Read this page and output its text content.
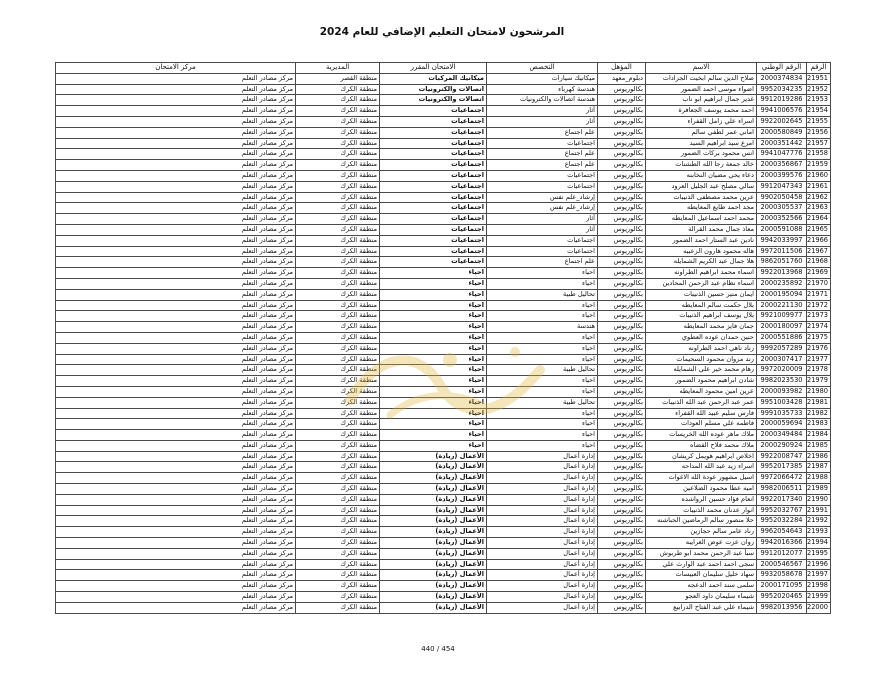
المرشحون لامتحان التعليم الإضافي للعام 2024
الرقم	الرقم الوطني	الاسم	المؤهل	التخصص	الامتحان المقرر	المديرية	مركز الامتحان
21951	2000374834	صلاح الدين سالم ابخيت الجرادات	دبلوم_معهد	ميكانيك سيارات	ميكانيك المركبات	منطقة القصر	مركز مصادر التعلم
21952	9952034235	اضواء موسى احمد الضمور	بكالوريوس	هندسة كهرباء	اتصالات والكترونيات	منطقة الكرك	مركز مصادر التعلم
21953	9912019286	غدير جمال ابراهيم ابو ناب	بكالوريوس	هندسة اتصالات والكترونيات	اتصالات والكترونيات	منطقة الكرك	مركز مصادر التعلم
21954	9941006576	احمد محمد يوسف الجعافرة	بكالوريوس	آثار	اجتماعيات	منطقة الكرك	مركز مصادر التعلم
21955	9922002645	اسراء علي زامل القفراء	بكالوريوس	آثار	اجتماعيات	منطقة الكرك	مركز مصادر التعلم
21956	2000580849	اماني عمر لطفي سالم	بكالوريوس	علم اجتماع	اجتماعيات	منطقة الكرك	مركز مصادر التعلم
21957	2000351442	امرع سيد ابراهيم السيد	بكالوريوس	اجتماعيات	اجتماعيات	منطقة الكرك	مركز مصادر التعلم
21958	9941047776	انس محمود بركات الضمور	بكالوريوس	علم اجتماع	اجتماعيات	منطقة الكرك	مركز مصادر التعلم
21959	2000356867	خالد جمعة رجا الله الطشنات	بكالوريوس	علم اجتماع	اجتماعيات	منطقة الكرك	مركز مصادر التعلم
21960	2000399576	دعاء يحي مضيان النخابنه	بكالوريوس	اجتماعيات	اجتماعيات	منطقة الكرك	مركز مصادر التعلم
21961	9912047343	سالي مصلح عبد الجليل العرود	بكالوريوس	اجتماعيات	اجتماعيات	منطقة الكرك	مركز مصادر التعلم
21962	9902050458	عرين محمد مصطفى الذنيبات	بكالوريوس	إرشاد_علم نفس	اجتماعيات	منطقة الكرك	مركز مصادر التعلم
21963	2000305537	مجد احمد طايع المعايطه	بكالوريوس	إرشاد_علم نفس	اجتماعيات	منطقة الكرك	مركز مصادر التعلم
21964	2000352566	محمد احمد اسماعيل المعايطه	بكالوريوس	آثار	اجتماعيات	منطقة الكرك	مركز مصادر التعلم
21965	2000591088	معاذ جمال محمد القرالة	بكالوريوس	آثار	اجتماعيات	منطقة الكرك	مركز مصادر التعلم
21966	9942033997	نادين عبد الستار احمد الضمور	بكالوريوس	اجتماعيات	اجتماعيات	منطقة الكرك	مركز مصادر التعلم
21967	9972011506	هاله محمود هارون الزعبيه	بكالوريوس	اجتماعيات	اجتماعيات	منطقة الكرك	مركز مصادر التعلم
21968	9862051760	هلا جمال عبد الكريم الشمايله	بكالوريوس	علم اجتماع	اجتماعيات	منطقة الكرك	مركز مصادر التعلم
21969	9922013968	اسماء محمد ابراهيم الطراونه	بكالوريوس	احياء	احياء	منطقة الكرك	مركز مصادر التعلم
21970	2000235892	اسماء نظام عبد الرحمن المحادين	بكالوريوس	احياء	احياء	منطقة الكرك	مركز مصادر التعلم
21971	2000195094	ايمان منير حسين الذنيبات	بكالوريوس	تحاليل طبية	احياء	منطقة الكرك	مركز مصادر التعلم
21972	2000221130	بلال حكمت سالم المعايطه	بكالوريوس	احياء	احياء	منطقة الكرك	مركز مصادر التعلم
21973	9921009977	بلال يوسف ابراهيم الذنيبات	بكالوريوس	احياء	احياء	منطقة الكرك	مركز مصادر التعلم
21974	2000180097	جمان فايز محمد المعايطه	بكالوريوس	هندسة	احياء	منطقة الكرك	مركز مصادر التعلم
21975	2000551886	حنين حمدان عوده العطوي	بكالوريوس	احياء	احياء	منطقة الكرك	مركز مصادر التعلم
21976	9992057289	رناد ناهي احمد الطراونه	بكالوريوس	احياء	احياء	منطقة الكرك	مركز مصادر التعلم
21977	2000307417	رند مروان محمود السحيمات	بكالوريوس	احياء	احياء	منطقة الكرك	مركز مصادر التعلم
21978	9972020009	رهام محمد خير علي الشمايله	بكالوريوس	تحاليل طبية	احياء	منطقة الكرك	مركز مصادر التعلم
21979	9982023530	شادن ابراهيم محمود الضمور	بكالوريوس	احياء	احياء	منطقة الكرك	مركز مصادر التعلم
21980	2000093982	عرين امين محمود المعايطه	بكالوريوس	احياء	احياء	منطقة الكرك	مركز مصادر التعلم
21981	9951003428	عمر عبد الرحمن عبد الله الذنيبات	بكالوريوس	تحاليل طبية	احياء	منطقة الكرك	مركز مصادر التعلم
21982	9991035733	فارس سليم عبيد الله القفراء	بكالوريوس	احياء	احياء	منطقة الكرك	مركز مصادر التعلم
21983	2000059694	فاطمه علي مسلم العودات	بكالوريوس	احياء	احياء	منطقة الكرك	مركز مصادر التعلم
21984	2000349484	ملاك ماهر عوده الله الخريسات	بكالوريوس	احياء	احياء	منطقة الكرك	مركز مصادر التعلم
21985	2000290924	ملاك محمد فلاح القضاه	بكالوريوس	احياء	احياء	منطقة الكرك	مركز مصادر التعلم
21986	9922008747	اخلاص ابراهيم هويمل كريشان	بكالوريوس	إدارة أعمال	الأعمال (ريادة)	منطقة الكرك	مركز مصادر التعلم
21987	9952017385	اسراء زيد عبد الله المداحه	بكالوريوس	إدارة أعمال	الأعمال (ريادة)	منطقة الكرك	مركز مصادر التعلم
21988	9972066472	اسيل مشهور عودة الله الاغوات	بكالوريوس	إدارة أعمال	الأعمال (ريادة)	منطقة الكرك	مركز مصادر التعلم
21989	9982006511	اميه عطا محمود الضلاعين	بكالوريوس	إدارة أعمال	الأعمال (ريادة)	منطقة الكرك	مركز مصادر التعلم
21990	9922017340	انعام فؤاد حسين الرواشده	بكالوريوس	إدارة أعمال	الأعمال (ريادة)	منطقة الكرك	مركز مصادر التعلم
21991	9952032767	انوار عدنان محمد الذنيبات	بكالوريوس	إدارة أعمال	الأعمال (ريادة)	منطقة الكرك	مركز مصادر التعلم
21992	9952032284	حلا منصور سالم الرماضين الحباشنه	بكالوريوس	إدارة أعمال	الأعمال (ريادة)	منطقة الكرك	مركز مصادر التعلم
21993	9962054643	رناد عامر سالم حجازين	بكالوريوس	إدارة أعمال	الأعمال (ريادة)	منطقة الكرك	مركز مصادر التعلم
21994	9942016366	روان عزت عوض الغرايبه	بكالوريوس	إدارة أعمال	الأعمال (ريادة)	منطقة الكرك	مركز مصادر التعلم
21995	9912012077	سبأ عبد الرحمن محمد ابو طربوش	بكالوريوس	إدارة أعمال	الأعمال (ريادة)	منطقة الكرك	مركز مصادر التعلم
21996	2000546567	سجى احمد احمد عبد الوارث علي	بكالوريوس	إدارة أعمال	الأعمال (ريادة)	منطقة الكرك	مركز مصادر التعلم
21997	9932058678	سهاد خليل سليمان العبيسات	بكالوريوس	إدارة أعمال	الأعمال (ريادة)	منطقة الكرك	مركز مصادر التعلم
21998	2000171095	سلمى سند احمد الدعجه	بكالوريوس	إدارة أعمال	الأعمال (ريادة)	منطقة الكرك	مركز مصادر التعلم
21999	9952020465	شيماء سليمان داود العجو	بكالوريوس	إدارة أعمال	الأعمال (ريادة)	منطقة الكرك	مركز مصادر التعلم
22000	9982013956	شيماء علي عبد الفتاح الدرابيع	بكالوريوس	إدارة أعمال	الأعمال (ريادة)	منطقة الكرك	مركز مصادر التعلم
440 / 454
